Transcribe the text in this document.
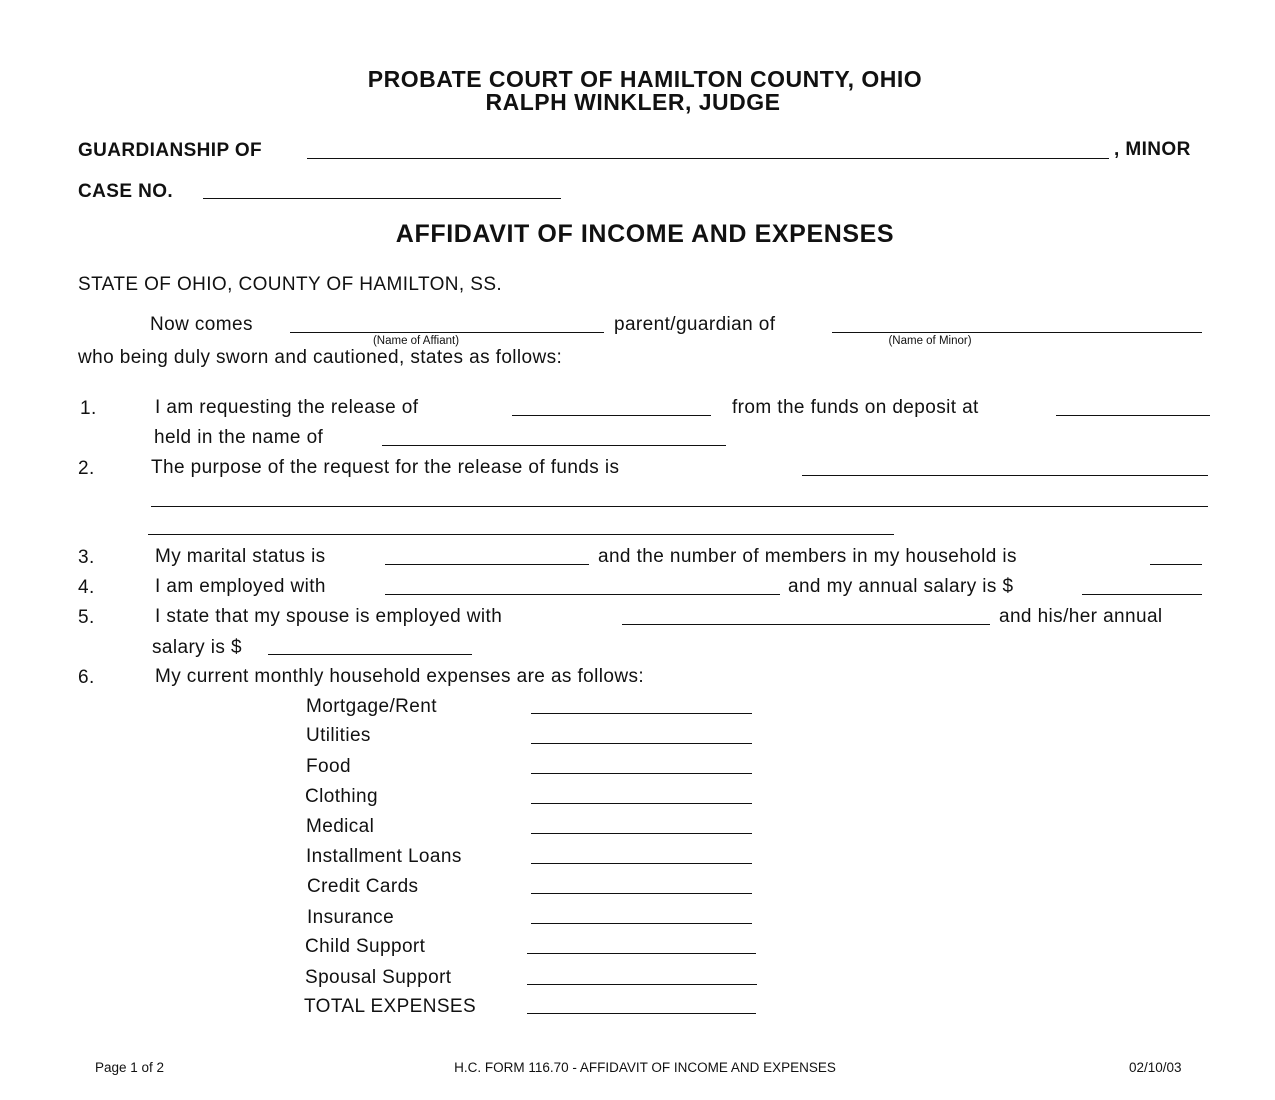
PROBATE COURT OF HAMILTON COUNTY, OHIO
RALPH WINKLER, JUDGE
GUARDIANSHIP OF	, MINOR
CASE NO.
AFFIDAVIT OF INCOME AND EXPENSES
STATE OF OHIO, COUNTY OF HAMILTON, SS.
Now comes	parent/guardian of
(Name of Affiant)	(Name of Minor)
who being duly sworn and cautioned, states as follows:
1.	I am requesting the release of	from the funds on deposit at
held in the name of
2.	The purpose of the request for the release of funds is
3.	My marital status is	and the number of members in my household is
4.	I am employed with	and my annual salary is $
5.	I state that my spouse is employed with	and his/her annual
salary is $
6.	My current monthly household expenses are as follows:
Mortgage/Rent
Utilities
Food
Clothing
Medical
Installment Loans
Credit Cards
Insurance
Child Support
Spousal Support
TOTAL EXPENSES
Page 1 of 2	H.C. FORM 116.70 - AFFIDAVIT OF INCOME AND EXPENSES	02/10/03
